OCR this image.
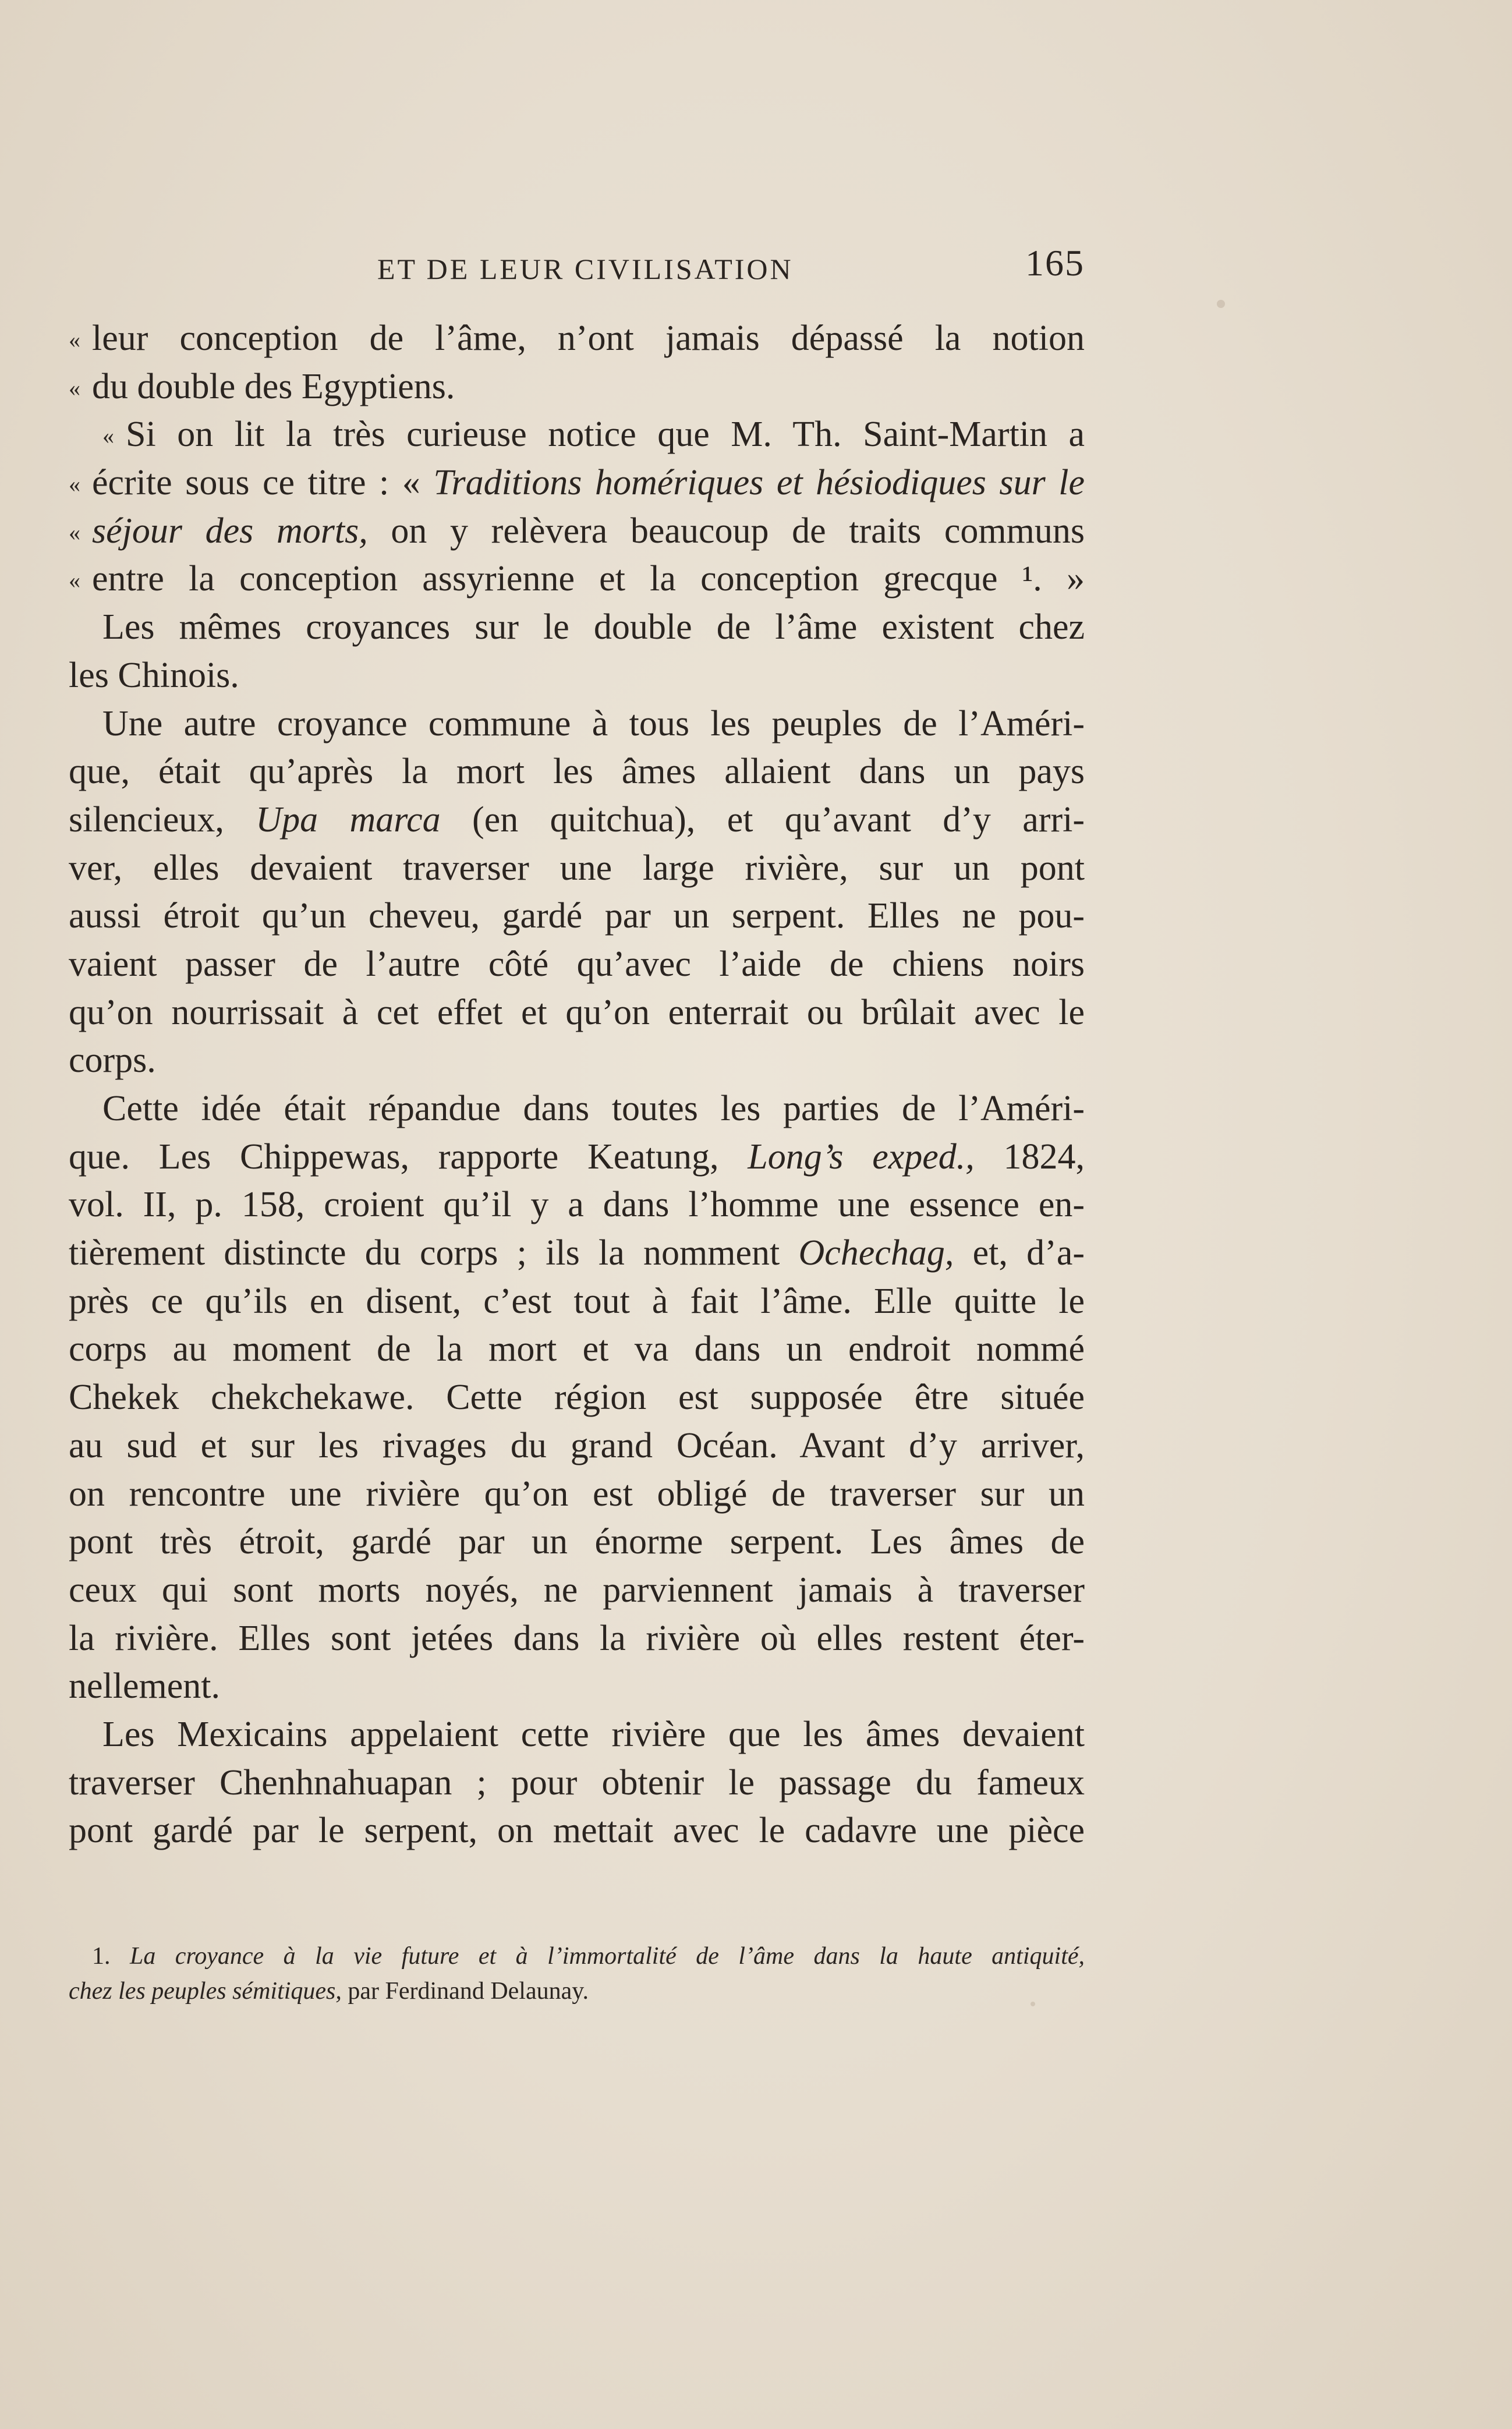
ET DE LEUR CIVILISATION	165
« leur conception de l’âme, n’ont jamais dépassé la notion
« du double des Egyptiens.
« Si on lit la très curieuse notice que M. Th. Saint-Martin a
« écrite sous ce titre : « Traditions homériques et hésiodiques sur le
« séjour des morts, on y relèvera beaucoup de traits communs
« entre la conception assyrienne et la conception grecque ¹. »
Les mêmes croyances sur le double de l’âme existent chez
les Chinois.
Une autre croyance commune à tous les peuples de l’Améri-
que, était qu’après la mort les âmes allaient dans un pays
silencieux, Upa marca (en quitchua), et qu’avant d’y arri-
ver, elles devaient traverser une large rivière, sur un pont
aussi étroit qu’un cheveu, gardé par un serpent. Elles ne pou-
vaient passer de l’autre côté qu’avec l’aide de chiens noirs
qu’on nourrissait à cet effet et qu’on enterrait ou brûlait avec le
corps.
Cette idée était répandue dans toutes les parties de l’Améri-
que. Les Chippewas, rapporte Keatung, Long’s exped., 1824,
vol. II, p. 158, croient qu’il y a dans l’homme une essence en-
tièrement distincte du corps ; ils la nomment Ochechag, et, d’a-
près ce qu’ils en disent, c’est tout à fait l’âme. Elle quitte le
corps au moment de la mort et va dans un endroit nommé
Chekek chekchekawe. Cette région est supposée être située
au sud et sur les rivages du grand Océan. Avant d’y arriver,
on rencontre une rivière qu’on est obligé de traverser sur un
pont très étroit, gardé par un énorme serpent. Les âmes de
ceux qui sont morts noyés, ne parviennent jamais à traverser
la rivière. Elles sont jetées dans la rivière où elles restent éter-
nellement.
Les Mexicains appelaient cette rivière que les âmes devaient
traverser Chenhnahuapan ; pour obtenir le passage du fameux
pont gardé par le serpent, on mettait avec le cadavre une pièce
1. La croyance à la vie future et à l’immortalité de l’âme dans la haute antiquité,
chez les peuples sémitiques, par Ferdinand Delaunay.
